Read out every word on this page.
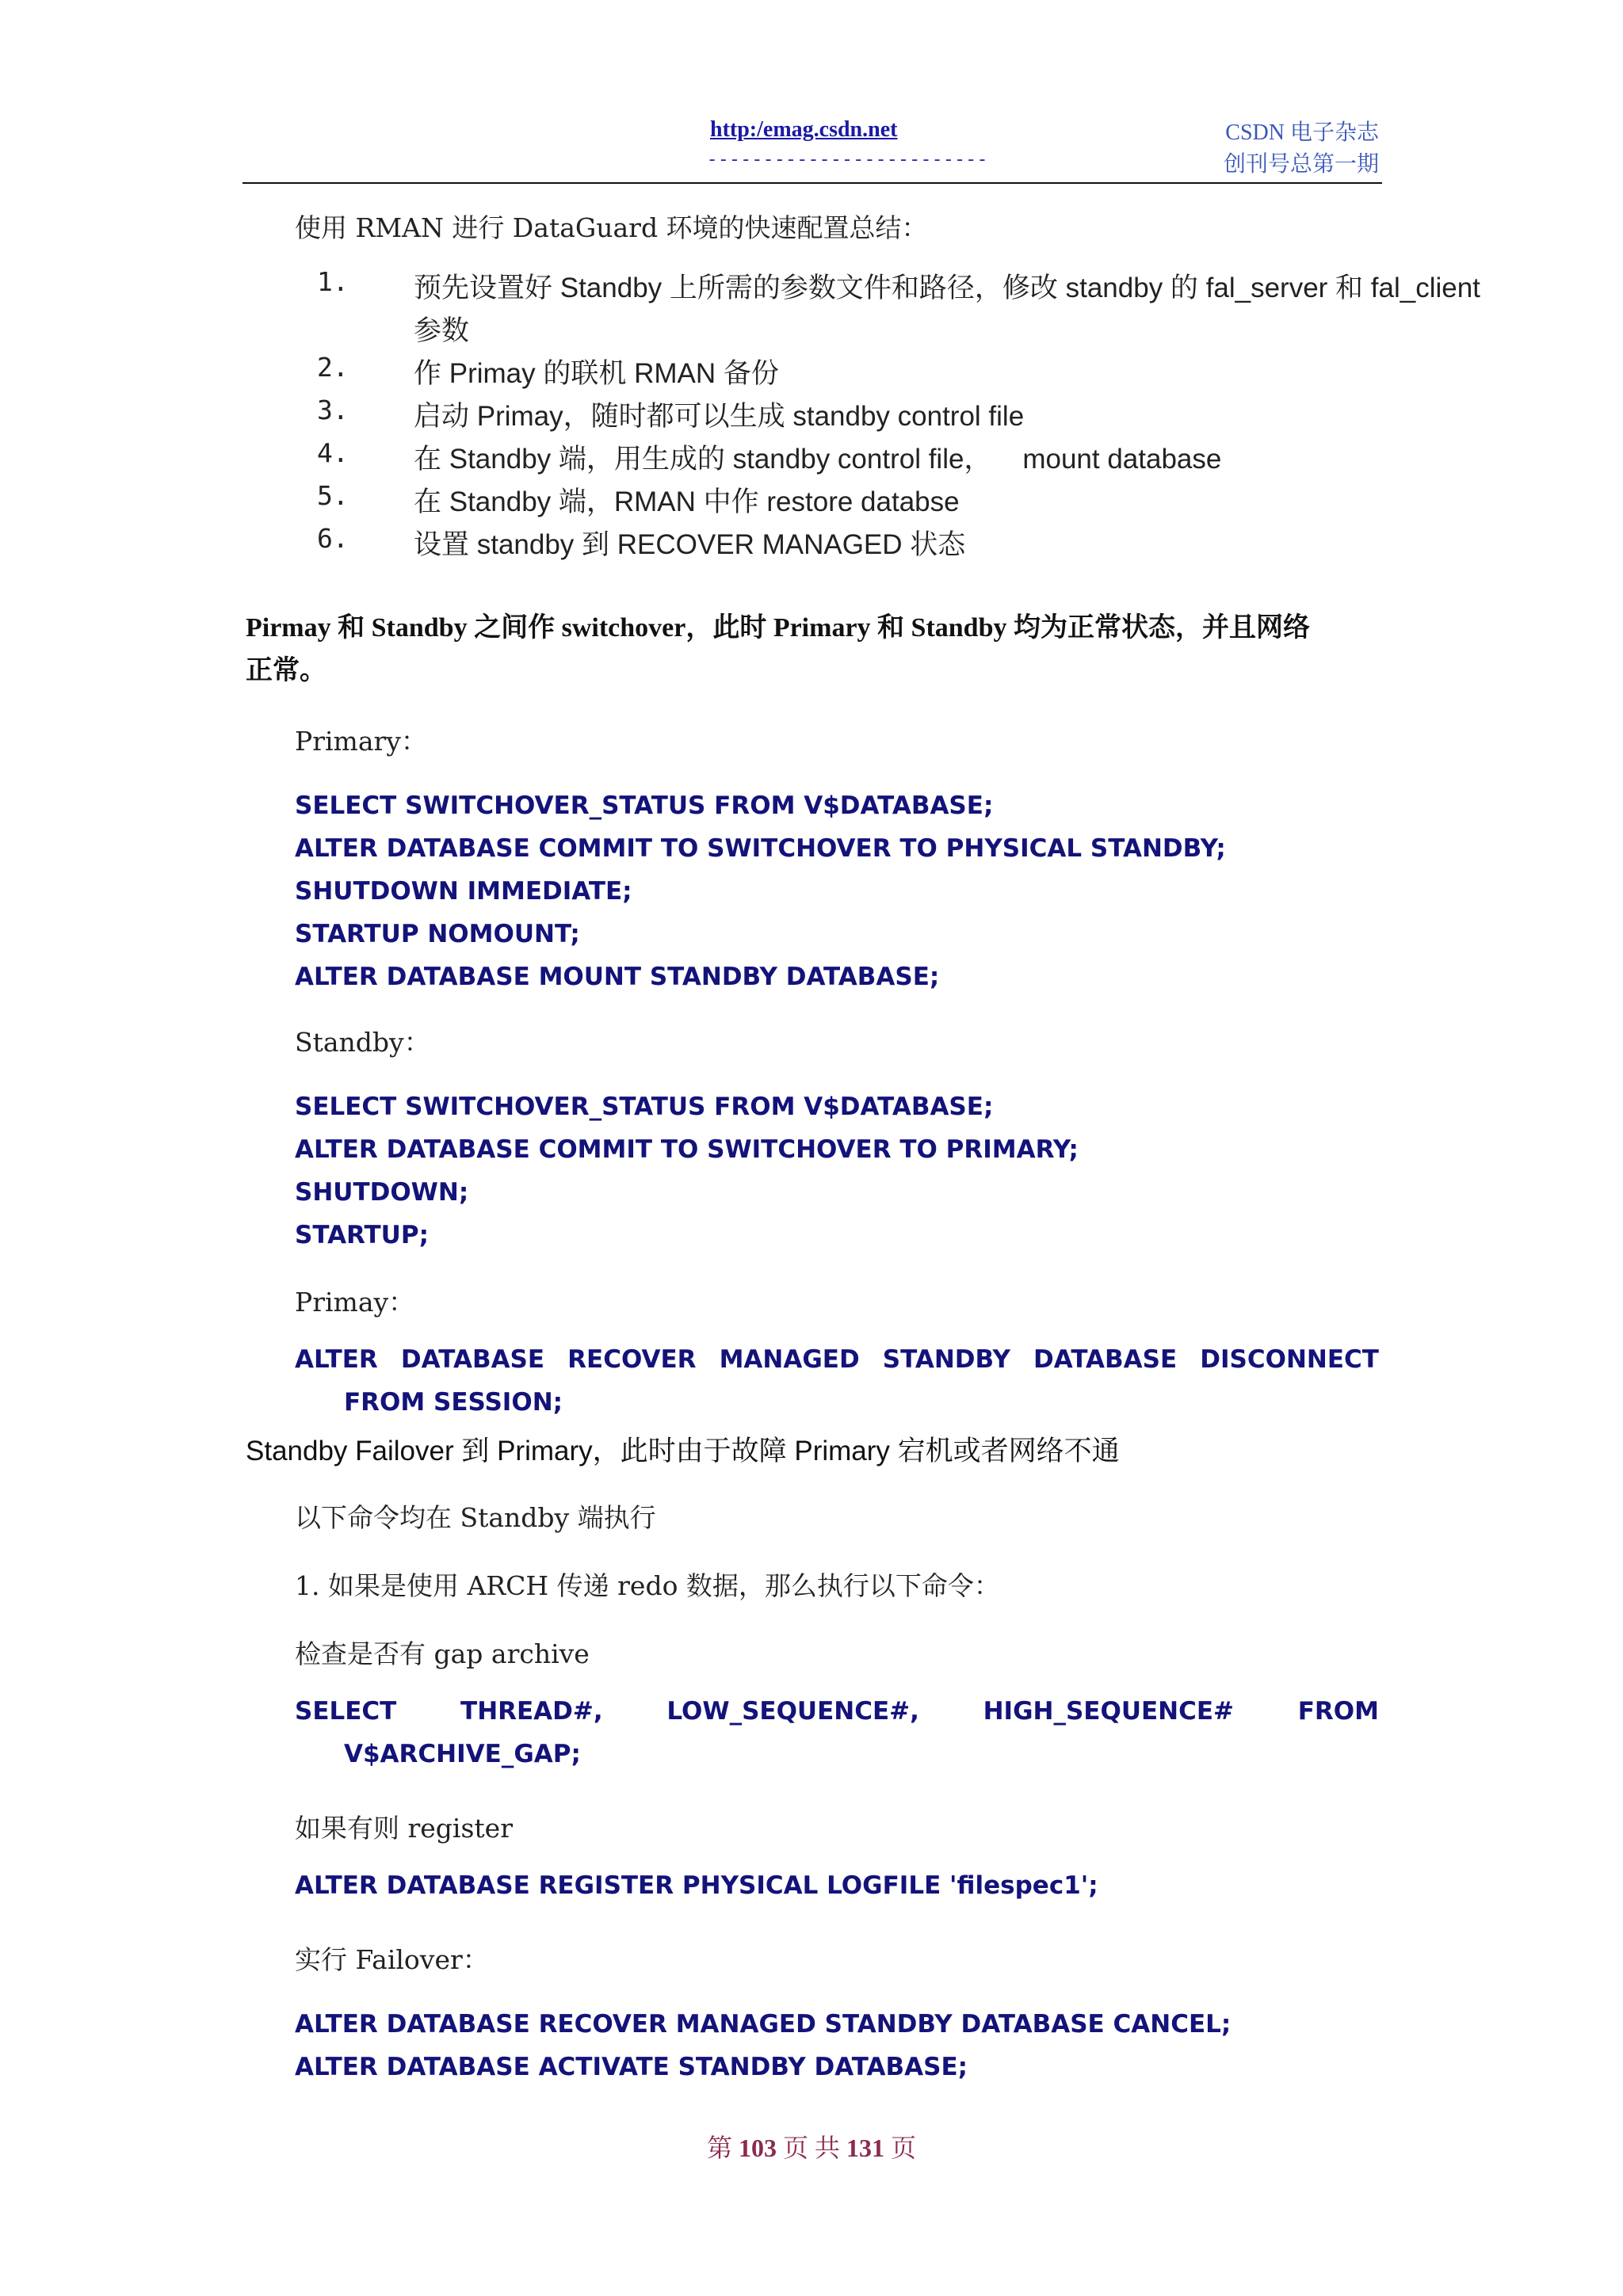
http:/emag.csdn.net
-------------------------
CSDN 电子杂志
创刊号总第一期
使用 RMAN 进行 DataGuard 环境的快速配置总结：
1.	预先设置好 Standby 上所需的参数文件和路径，修改 standby 的 fal_server 和 fal_client
参数
2.	作 Primay 的联机 RMAN 备份
3.	启动 Primay，随时都可以生成 standby control file
4.	在 Standby 端，用生成的 standby control file，    mount database
5.	在 Standby 端，RMAN 中作 restore databse
6.	设置 standby 到 RECOVER MANAGED 状态
Pirmay 和 Standby 之间作 switchover，此时 Primary 和 Standby 均为正常状态，并且网络
正常。
Primary：
SELECT SWITCHOVER_STATUS FROM V$DATABASE;
ALTER DATABASE COMMIT TO SWITCHOVER TO PHYSICAL STANDBY;
SHUTDOWN IMMEDIATE;
STARTUP NOMOUNT;
ALTER DATABASE MOUNT STANDBY DATABASE;
Standby：
SELECT SWITCHOVER_STATUS FROM V$DATABASE;
ALTER DATABASE COMMIT TO SWITCHOVER TO PRIMARY;
SHUTDOWN;
STARTUP;
Primay：
ALTER DATABASE RECOVER MANAGED STANDBY DATABASE DISCONNECT
FROM SESSION;
Standby Failover 到 Primary，此时由于故障 Primary 宕机或者网络不通
以下命令均在 Standby 端执行
1. 如果是使用 ARCH 传递 redo 数据，那么执行以下命令：
检查是否有 gap archive
SELECT	THREAD#,	LOW_SEQUENCE#,	HIGH_SEQUENCE#	FROM
V$ARCHIVE_GAP;
如果有则 register
ALTER DATABASE REGISTER PHYSICAL LOGFILE 'filespec1';
实行 Failover：
ALTER DATABASE RECOVER MANAGED STANDBY DATABASE CANCEL;
ALTER DATABASE ACTIVATE STANDBY DATABASE;
第 103 页 共 131 页
